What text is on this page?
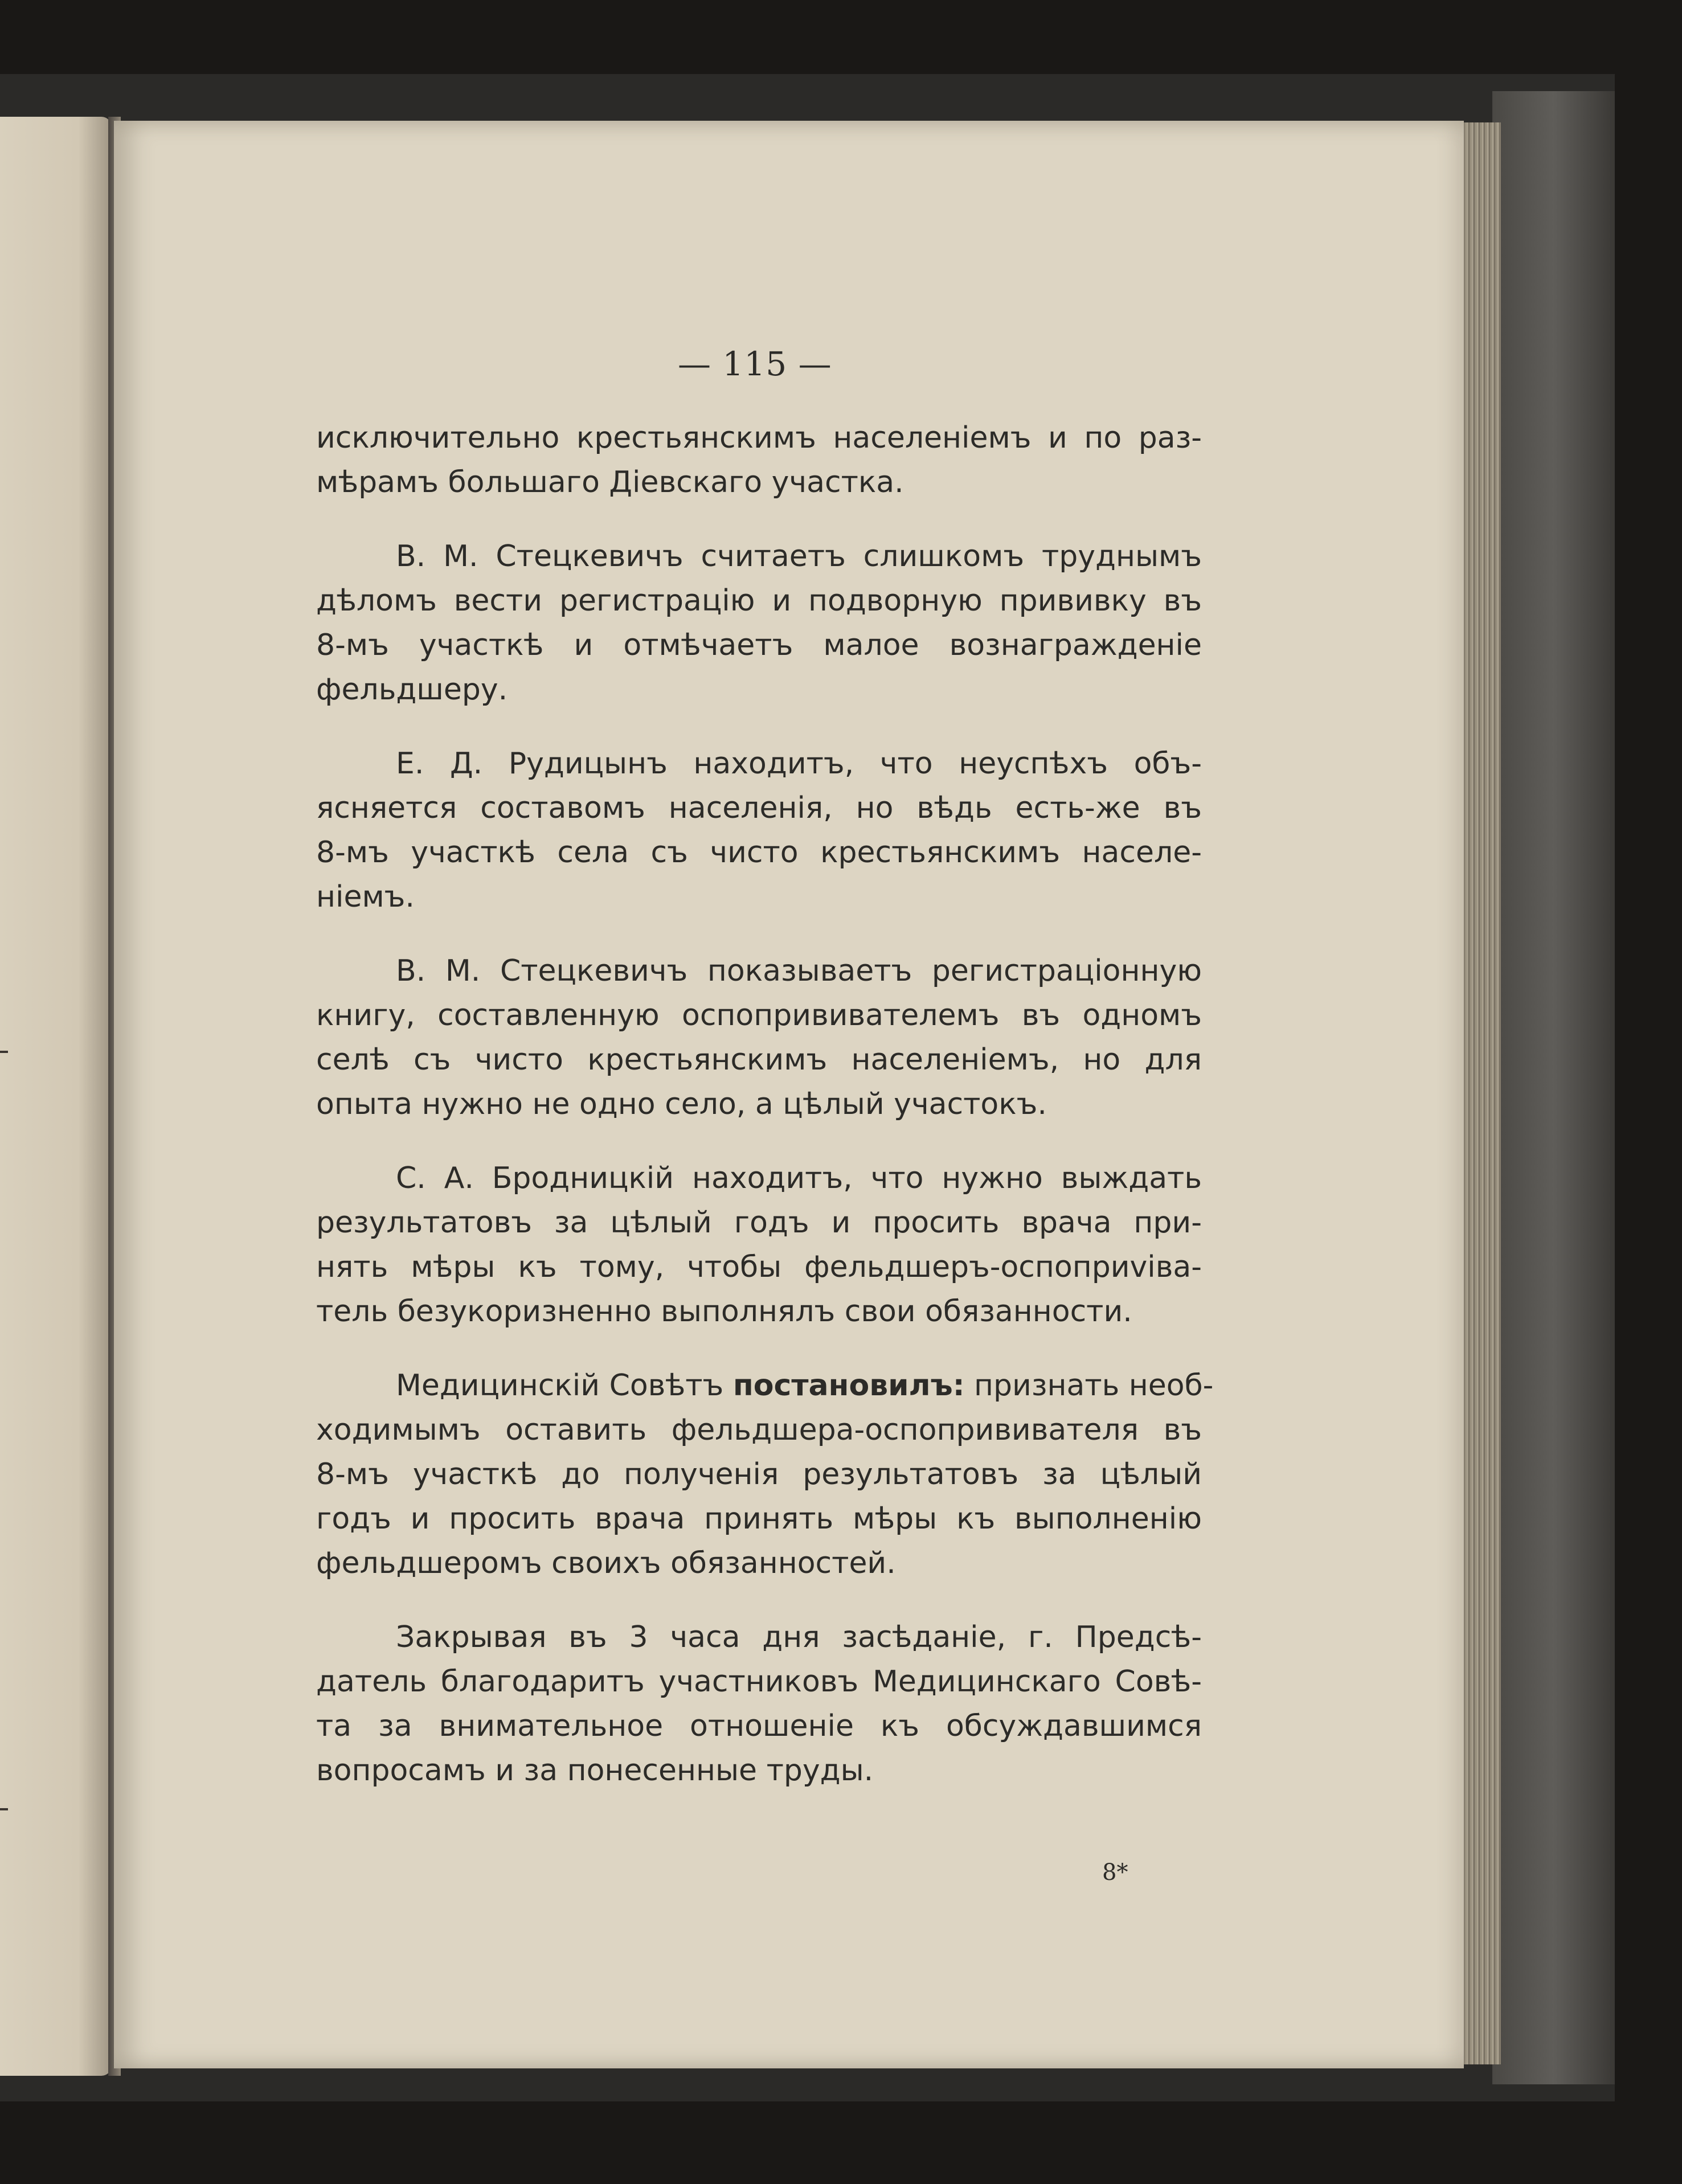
— 115 —
исключительно крестьянскимъ населенiемъ и по раз-
мѣрамъ большаго Дiевскаго участка.
В. М. Стецкевичъ считаетъ слишкомъ труднымъ
дѣломъ вести регистрацiю и подворную прививку въ
8-мъ участкѣ и отмѣчаетъ малое вознагражденiе
фельдшеру.
Е. Д. Рудицынъ находитъ, что неуспѣхъ объ-
ясняется составомъ населенiя, но вѣдь есть-же въ
8-мъ участкѣ села съ чисто крестьянскимъ населе-
нiемъ.
В. М. Стецкевичъ показываетъ регистрацiонную
книгу, составленную оспопрививателемъ въ одномъ
селѣ съ чисто крестьянскимъ населенiемъ, но для
опыта нужно не одно село, а цѣлый участокъ.
С. А. Бродницкiй находитъ, что нужно выждать
результатовъ за цѣлый годъ и просить врача при-
нять мѣры къ тому, чтобы фельдшеръ-оспоприviва-
тель безукоризненно выполнялъ свои обязанности.
Медицинскiй Совѣтъ постановилъ: признать необ-
ходимымъ оставить фельдшера-оспопрививателя въ
8-мъ участкѣ до полученiя результатовъ за цѣлый
годъ и просить врача принять мѣры къ выполненiю
фельдшеромъ своихъ обязанностей.
Закрывая въ 3 часа дня засѣданiе, г. Предсѣ-
датель благодаритъ участниковъ Медицинскаго Совѣ-
та за внимательное отношенiе къ обсуждавшимся
вопросамъ и за понесенные труды.
8*
